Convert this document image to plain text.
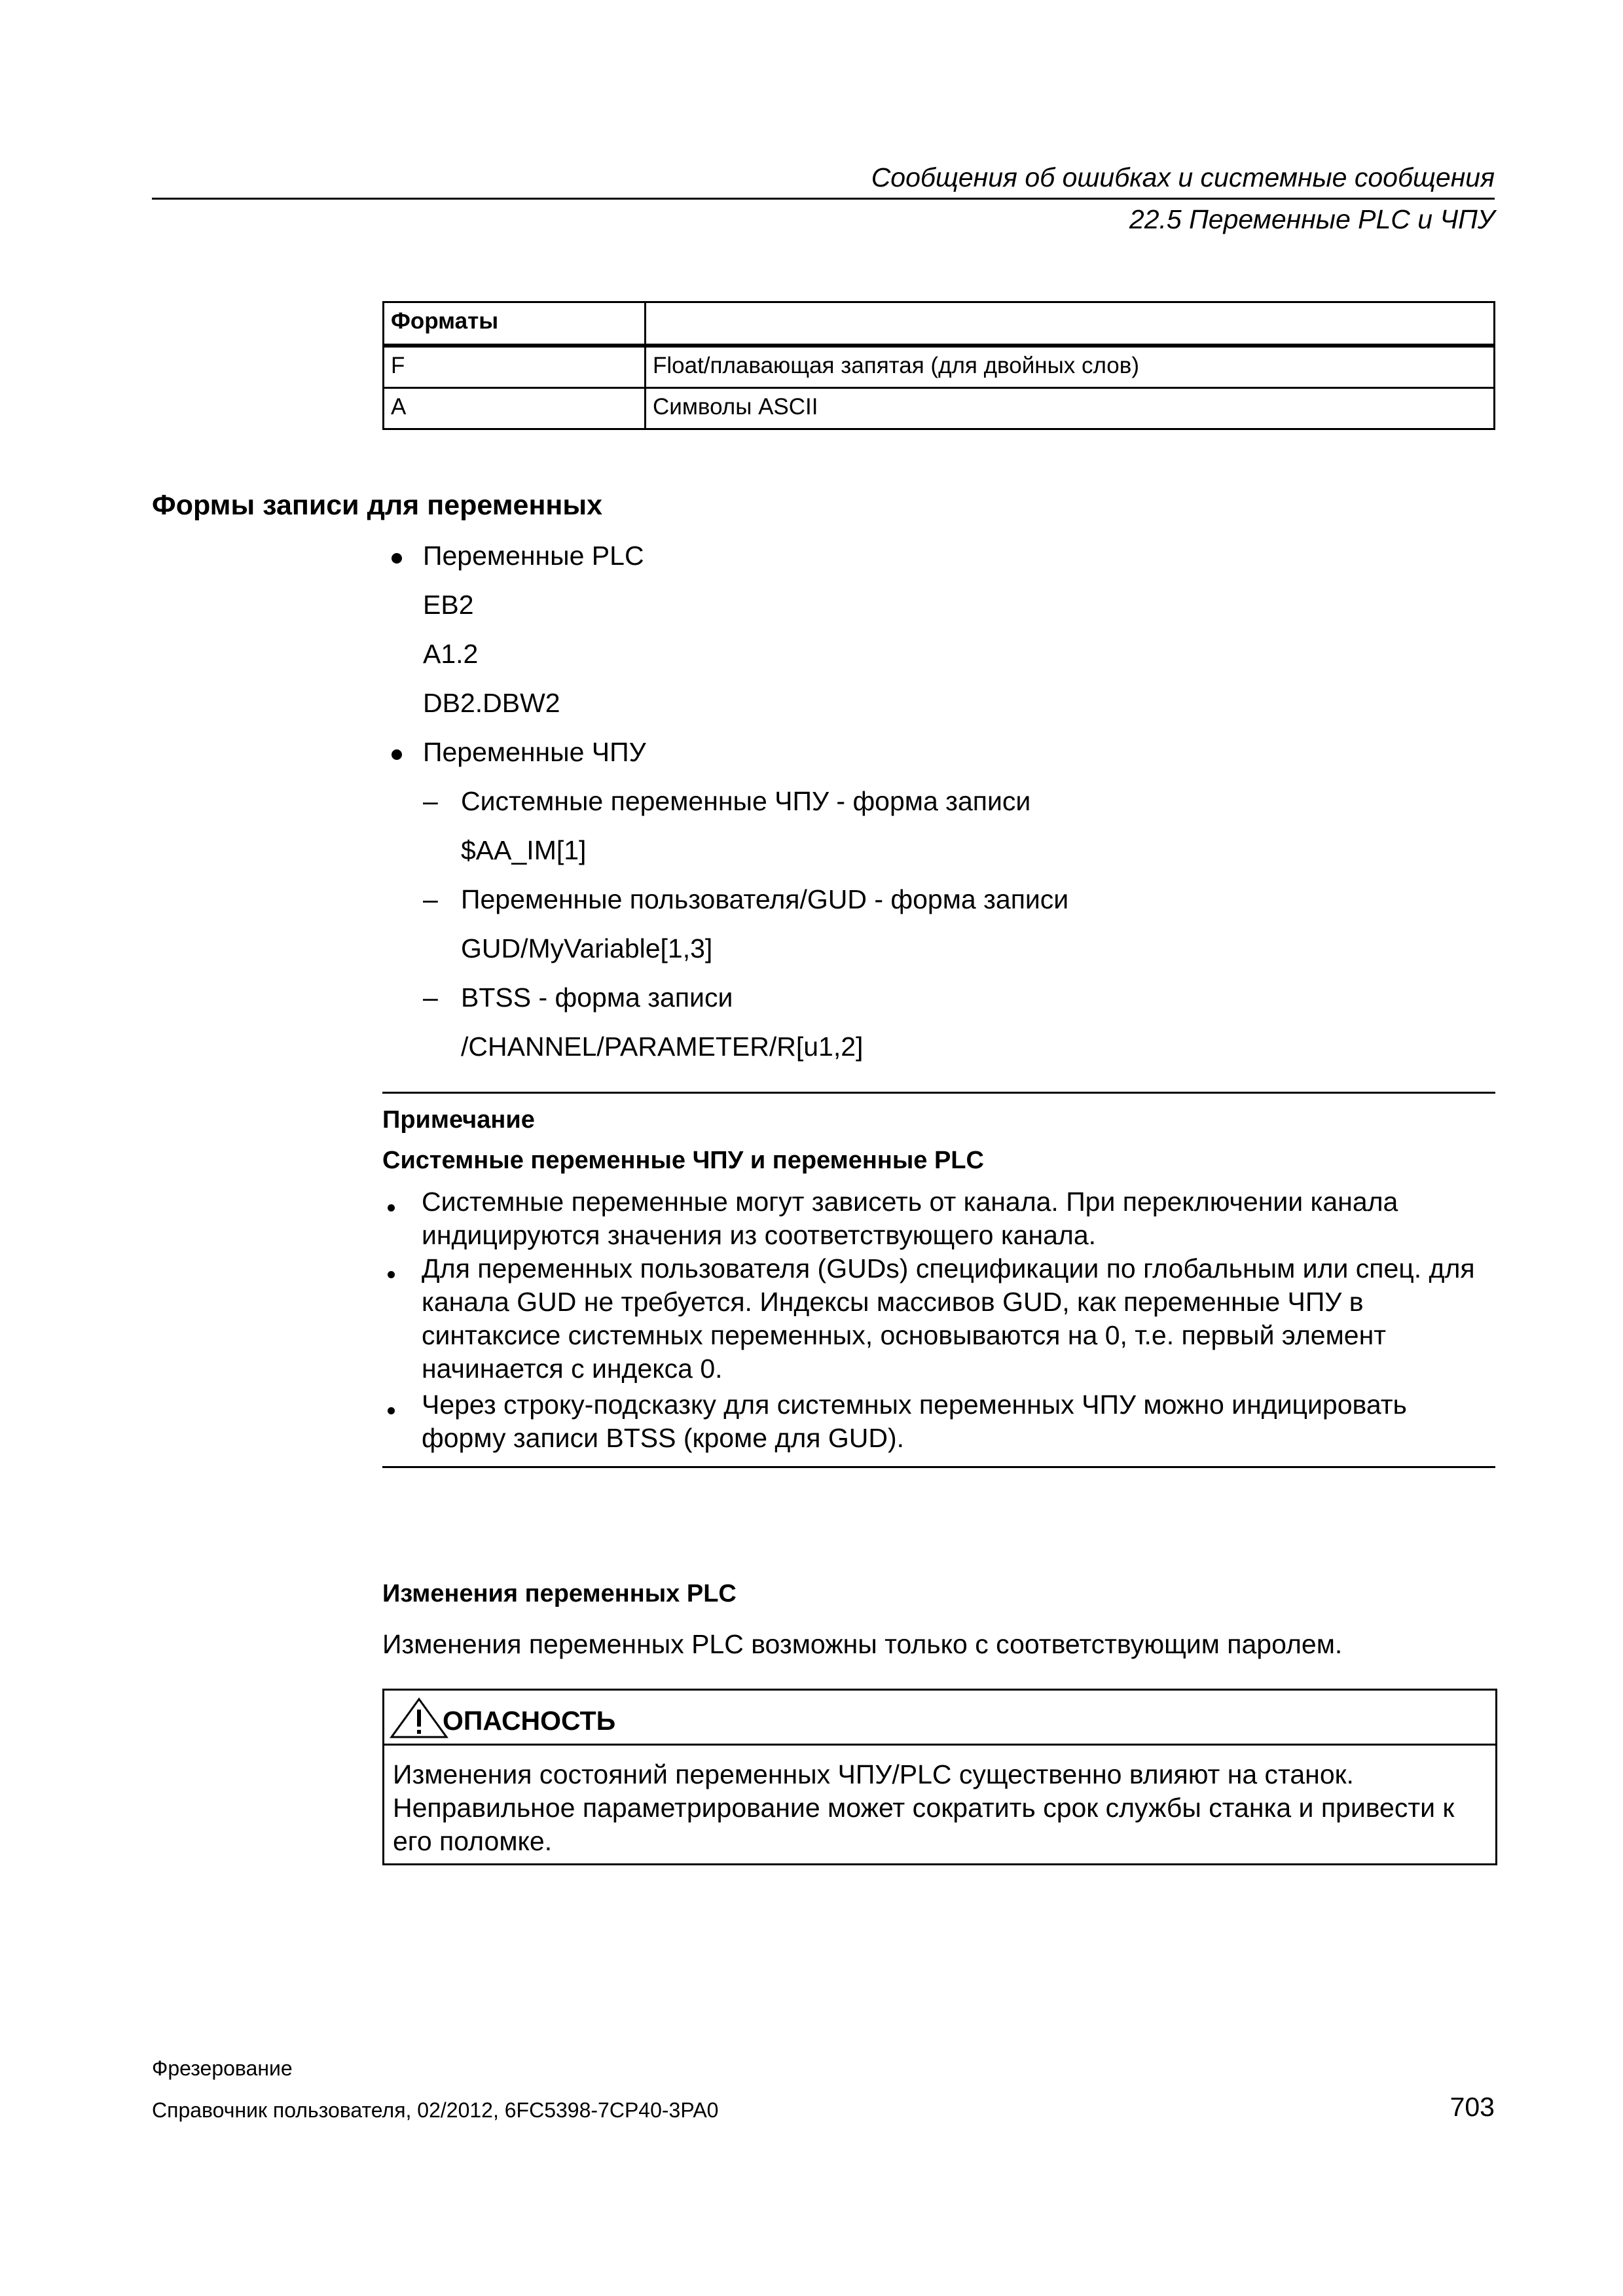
Сообщения об ошибках и системные сообщения
22.5 Переменные PLC и ЧПУ
Форматы	
F	Float/плавающая запятая (для двойных слов)
A	Символы ASCII
Формы записи для переменных
Переменные PLC
EB2
A1.2
DB2.DBW2
Переменные ЧПУ
– Системные переменные ЧПУ - форма записи
$AA_IM[1]
– Переменные пользователя/GUD - форма записи
GUD/MyVariable[1,3]
– BTSS - форма записи
/CHANNEL/PARAMETER/R[u1,2]
Примечание
Системные переменные ЧПУ и переменные PLC
Системные переменные могут зависеть от канала. При переключении канала индицируются значения из соответствующего канала.
Для переменных пользователя (GUDs) спецификации по глобальным или спец. для канала GUD не требуется. Индексы массивов GUD, как переменные ЧПУ в синтаксисе системных переменных, основываются на 0, т.е. первый элемент начинается с индекса 0.
Через строку-подсказку для системных переменных ЧПУ можно индицировать форму записи BTSS (кроме для GUD).
Изменения переменных PLC
Изменения переменных PLC возможны только с соответствующим паролем.
ОПАСНОСТЬ
Изменения состояний переменных ЧПУ/PLC существенно влияют на станок. Неправильное параметрирование может сократить срок службы станка и привести к его поломке.
Фрезерование
Справочник пользователя, 02/2012, 6FC5398-7CP40-3PA0	703
